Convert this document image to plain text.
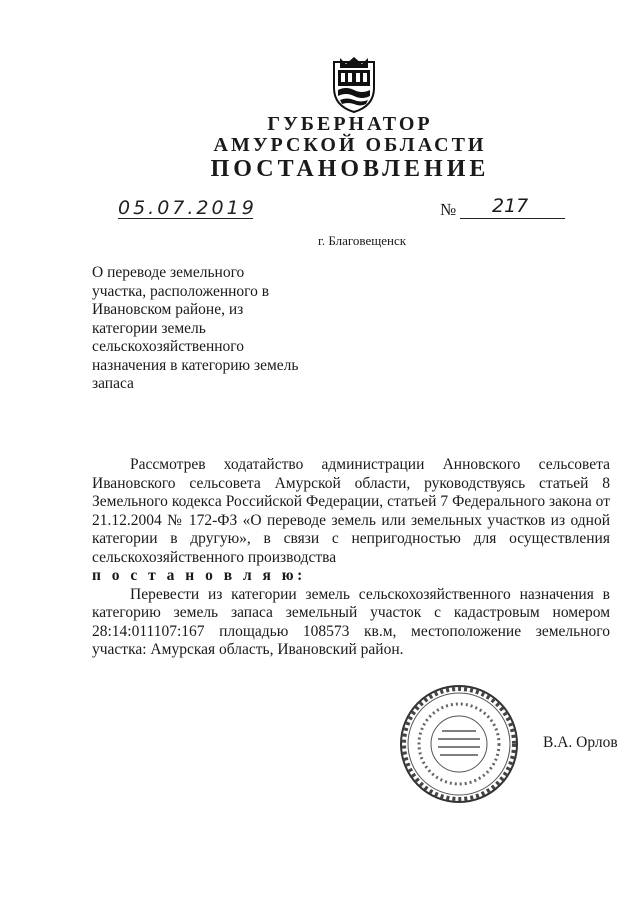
ГУБЕРНАТОР
АМУРСКОЙ ОБЛАСТИ
ПОСТАНОВЛЕНИЕ
05.07.2019	№ 217
г. Благовещенск
О переводе земельного
участка, расположенного в
Ивановском районе, из
категории земель
сельскохозяйственного
назначения в категорию земель
запаса

Рассмотрев ходатайство администрации Анновского сельсовета Ивановского сельсовета Амурской области, руководствуясь статьей 8 Земельного кодекса Российской Федерации, статьей 7 Федерального закона от 21.12.2004 № 172-ФЗ «О переводе земель или земельных участков из одной категории в другую», в связи с непригодностью для осуществления сельскохозяйственного производства

п о с т а н о в л я ю:

Перевести из категории земель сельскохозяйственного назначения в категорию земель запаса земельный участок с кадастровым номером 28:14:011107:167 площадью 108573 кв.м, местоположение земельного участка: Амурская область, Ивановский район.

В.А. Орлов
